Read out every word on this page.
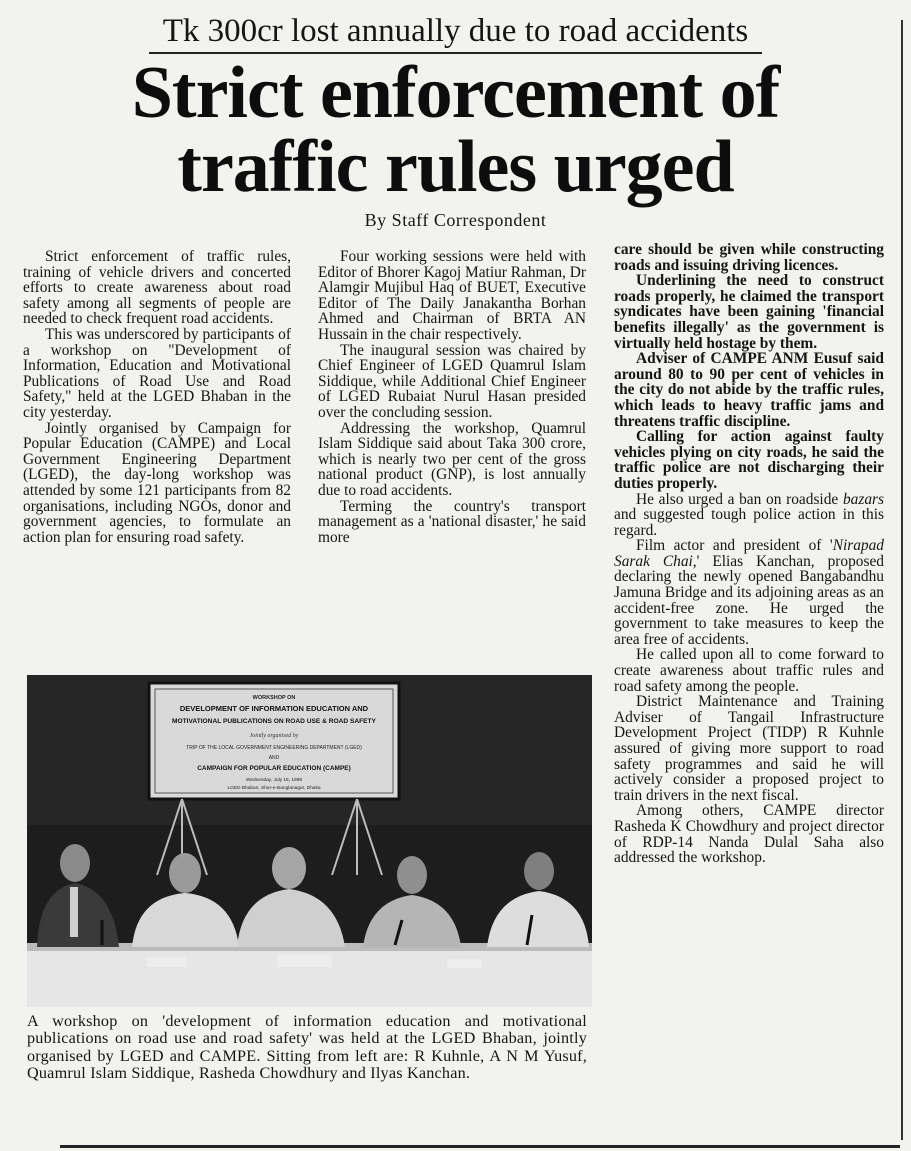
Tk 300cr lost annually due to road accidents
Strict enforcement of
traffic rules urged
By Staff Correspondent

Strict enforcement of traffic rules, training of vehicle drivers and concerted efforts to create awareness about road safety among all segments of people are needed to check frequent road accidents.

This was underscored by participants of a workshop on "Development of Information, Education and Motivational Publications of Road Use and Road Safety," held at the LGED Bhaban in the city yesterday.

Jointly organised by Campaign for Popular Education (CAMPE) and Local Government Engineering Department (LGED), the day-long workshop was attended by some 121 participants from 82 organisations, including NGOs, donor and government agencies, to formulate an action plan for ensuring road safety.

Four working sessions were held with Editor of Bhorer Kagoj Matiur Rahman, Dr Alamgir Mujibul Haq of BUET, Executive Editor of The Daily Janakantha Borhan Ahmed and Chairman of BRTA AN Hussain in the chair respectively.

The inaugural session was chaired by Chief Engineer of LGED Quamrul Islam Siddique, while Additional Chief Engineer of LGED Rubaiat Nurul Hasan presided over the concluding session.

Addressing the workshop, Quamrul Islam Siddique said about Taka 300 crore, which is nearly two per cent of the gross national product (GNP), is lost annually due to road accidents.

Terming the country's transport management as a 'national disaster,' he said more

care should be given while constructing roads and issuing driving licences.

Underlining the need to construct roads properly, he claimed the transport syndicates have been gaining 'financial benefits illegally' as the government is virtually held hostage by them.

Adviser of CAMPE ANM Eusuf said around 80 to 90 per cent of vehicles in the city do not abide by the traffic rules, which leads to heavy traffic jams and threatens traffic discipline.

Calling for action against faulty vehicles plying on city roads, he said the traffic police are not discharging their duties properly.

He also urged a ban on roadside bazars and suggested tough police action in this regard.

Film actor and president of 'Nirapad Sarak Chai,' Elias Kanchan, proposed declaring the newly opened Bangabandhu Jamuna Bridge and its adjoining areas as an accident-free zone. He urged the government to take measures to keep the area free of accidents.

He called upon all to come forward to create awareness about traffic rules and road safety among the people.

District Maintenance and Training Adviser of Tangail Infrastructure Development Project (TIDP) R Kuhnle assured of giving more support to road safety programmes and said he will actively consider a proposed project to train drivers in the next fiscal.

Among others, CAMPE director Rasheda K Chowdhury and project director of RDP-14 Nanda Dulal Saha also addressed the workshop.

WORKSHOP ON
DEVELOPMENT OF INFORMATION EDUCATION AND
MOTIVATIONAL PUBLICATIONS ON ROAD USE & ROAD SAFETY
Jointly organised by
TRIP OF THE LOCAL GOVERNMENT ENGINEERING DEPARTMENT (LGED)
AND
CAMPAIGN FOR POPULAR EDUCATION (CAMPE)
Wednesday, July 15, 1998
LGED Bhaban, Sher-e-Banglanagar, Dhaka
A workshop on 'development of information education and motivational publications on road use and road safety' was held at the LGED Bhaban, jointly organised by LGED and CAMPE. Sitting from left are: R Kuhnle, A N M Yusuf, Quamrul Islam Siddique, Rasheda Chowdhury and Ilyas Kanchan.
